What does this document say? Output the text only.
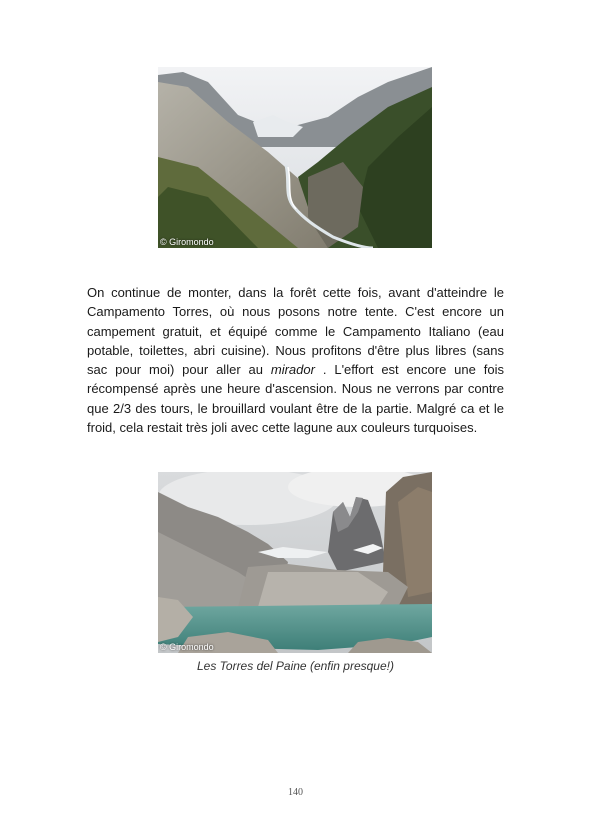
© Giromondo

On continue de monter, dans la forêt cette fois, avant d'atteindre le Campamento Torres, où nous posons notre tente. C'est encore un campement gratuit, et équipé comme le Campamento Italiano (eau potable, toilettes, abri cuisine). Nous profitons d'être plus libres (sans sac pour moi) pour aller au mirador . L'effort est encore une fois récompensé après une heure d'ascension. Nous ne verrons par contre que 2/3 des tours, le brouillard voulant être de la partie. Malgré ca et le froid, cela restait très joli avec cette lagune aux couleurs turquoises.

© Giromondo
Les Torres del Paine (enfin presque!)
140
